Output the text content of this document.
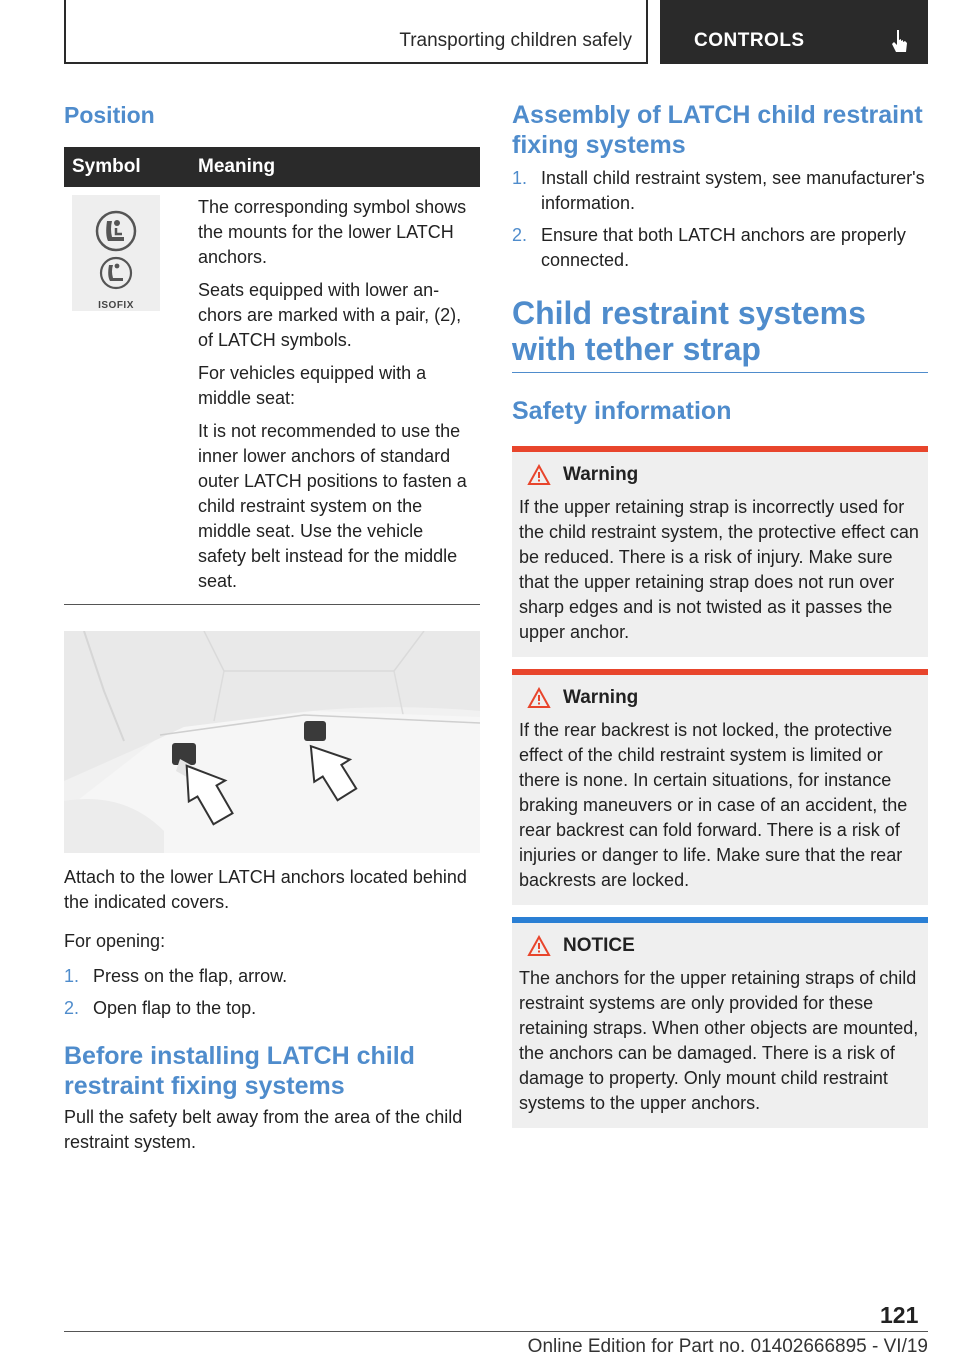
Transporting children safely	CONTROLS
Position
Symbol	Meaning

ISOFIX	The corresponding symbol shows the mounts for the lower LATCH anchors.

Seats equipped with lower anchors are marked with a pair, (2), of LATCH symbols.

For vehicles equipped with a middle seat:

It is not recommended to use the inner lower anchors of standard outer LATCH positions to fasten a child restraint system on the middle seat. Use the vehicle safety belt instead for the middle seat.

Attach to the lower LATCH anchors located behind the indicated covers.

For opening:

1. Press on the flap, arrow.
2. Open flap to the top.
Before installing LATCH child restraint fixing systems

Pull the safety belt away from the area of the child restraint system.

Assembly of LATCH child restraint fixing systems
1. Install child restraint system, see manufacturer's information.
2. Ensure that both LATCH anchors are properly connected.
Child restraint systems with tether strap
Safety information
Warning

If the upper retaining strap is incorrectly used for the child restraint system, the protective effect can be reduced. There is a risk of injury. Make sure that the upper retaining strap does not run over sharp edges and is not twisted as it passes the upper anchor.

Warning

If the rear backrest is not locked, the protective effect of the child restraint system is limited or there is none. In certain situations, for instance braking maneuvers or in case of an accident, the rear backrest can fold forward. There is a risk of injuries or danger to life. Make sure that the rear backrests are locked.

NOTICE

The anchors for the upper retaining straps of child restraint systems are only provided for these retaining straps. When other objects are mounted, the anchors can be damaged. There is a risk of damage to property. Only mount child restraint systems to the upper anchors.

121
Online Edition for Part no. 01402666895 - VI/19
